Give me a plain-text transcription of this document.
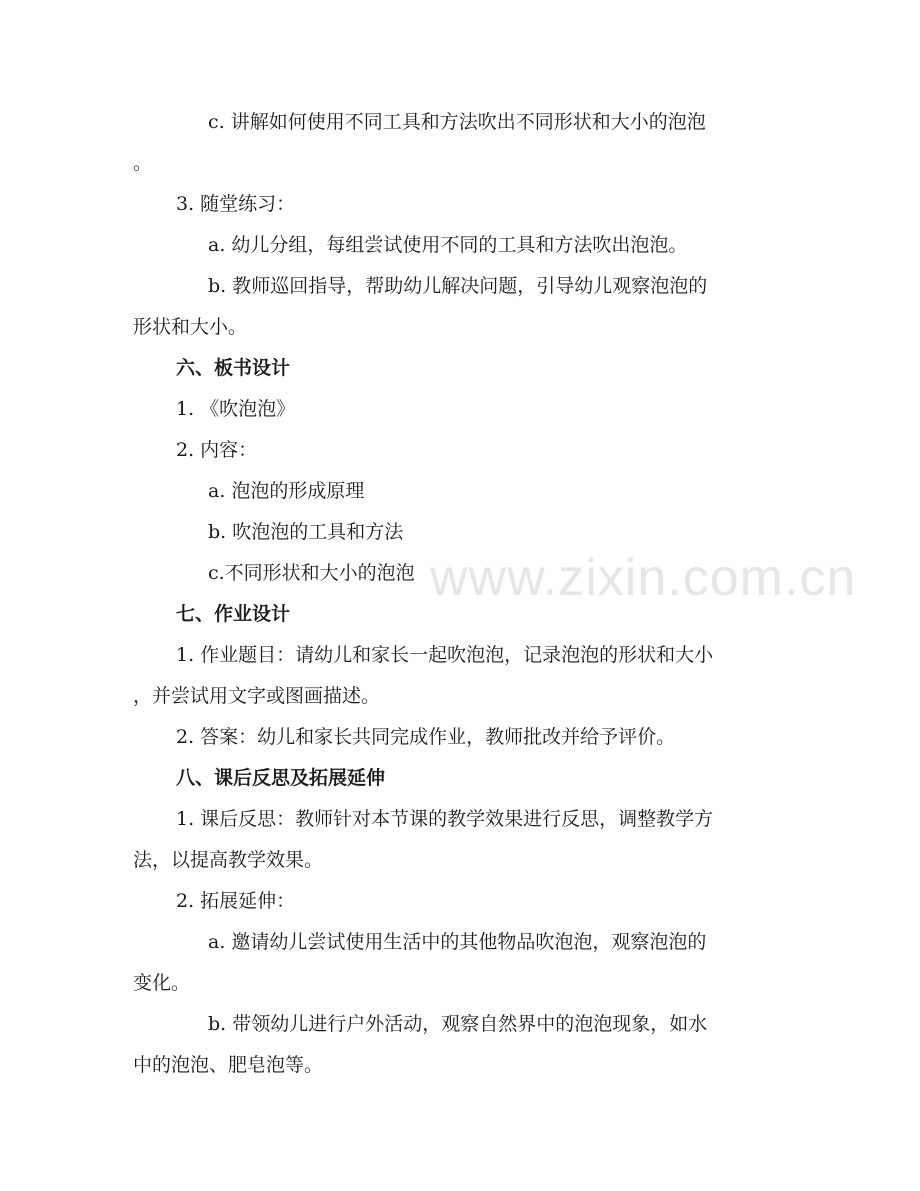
www.zixin.com.cn
c. 讲解如何使用不同工具和方法吹出不同形状和大小的泡泡
。
3. 随堂练习：
a. 幼儿分组，每组尝试使用不同的工具和方法吹出泡泡。
b. 教师巡回指导，帮助幼儿解决问题，引导幼儿观察泡泡的
形状和大小。
六、板书设计
1. 《吹泡泡》
2. 内容：
a. 泡泡的形成原理
b. 吹泡泡的工具和方法
c.不同形状和大小的泡泡
七、作业设计
1. 作业题目：请幼儿和家长一起吹泡泡，记录泡泡的形状和大小
，并尝试用文字或图画描述。
2. 答案：幼儿和家长共同完成作业，教师批改并给予评价。
八、课后反思及拓展延伸
1. 课后反思：教师针对本节课的教学效果进行反思，调整教学方
法，以提高教学效果。
2. 拓展延伸：
a. 邀请幼儿尝试使用生活中的其他物品吹泡泡，观察泡泡的
变化。
b. 带领幼儿进行户外活动，观察自然界中的泡泡现象，如水
中的泡泡、肥皂泡等。
